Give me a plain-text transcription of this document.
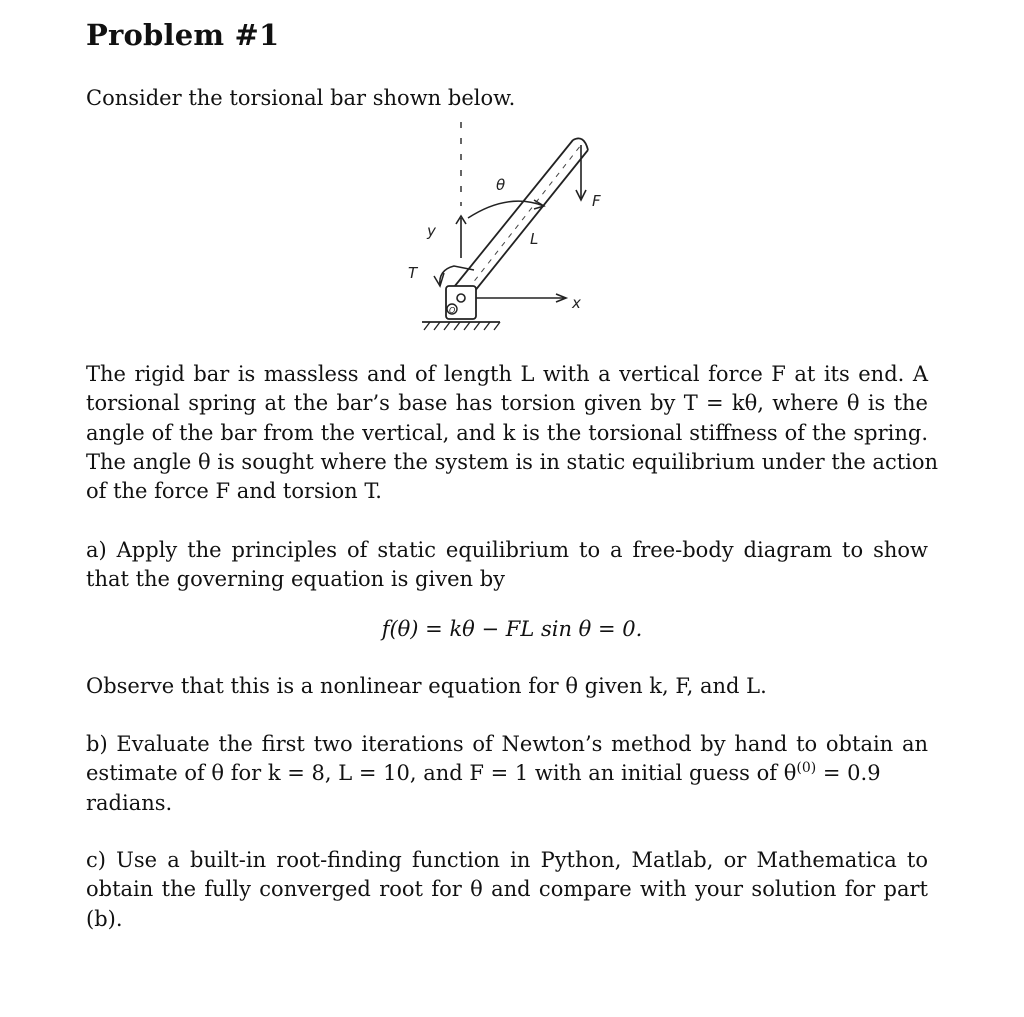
Problem #1

Consider the torsional bar shown below.

θ
F
y	L
T
x
O
The rigid bar is massless and of length L with a vertical force F at its end. A
torsional spring at the bar’s base has torsion given by T = kθ, where θ is the
angle of the bar from the vertical, and k is the torsional stiffness of the spring.
The angle θ is sought where the system is in static equilibrium under the action
of the force F and torsion T.
a) Apply the principles of static equilibrium to a free-body diagram to show
that the governing equation is given by
f(θ) = kθ − FL sin θ = 0.

Observe that this is a nonlinear equation for θ given k, F, and L.

b) Evaluate the first two iterations of Newton’s method by hand to obtain an
estimate of θ for k = 8, L = 10, and F = 1 with an initial guess of $\theta^{(0)} = 0.9$
radians.
c) Use a built-in root-finding function in Python, Matlab, or Mathematica to
obtain the fully converged root for θ and compare with your solution for part
(b).
